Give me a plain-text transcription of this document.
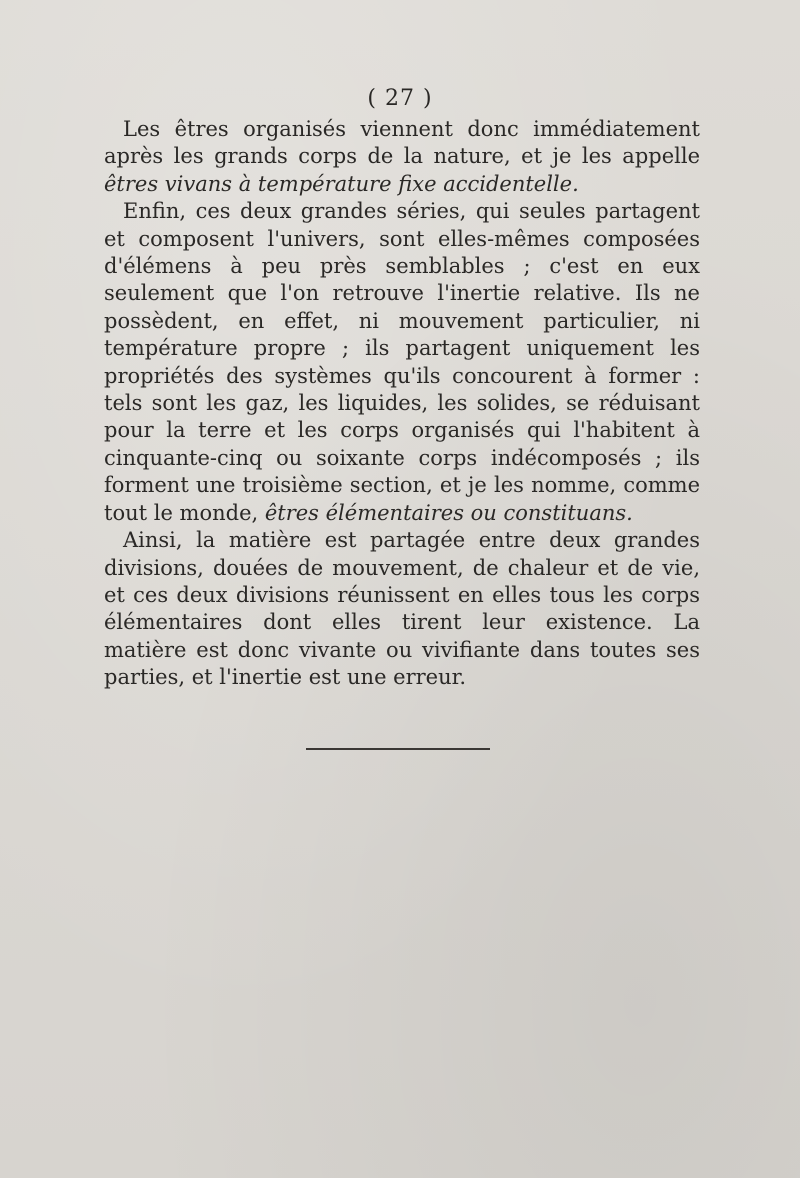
( 27 )

Les êtres organisés viennent donc immédiatement après les grands corps de la nature, et je les appelle êtres vivans à température fixe accidentelle.

Enfin, ces deux grandes séries, qui seules partagent et composent l'univers, sont elles-mêmes composées d'élémens à peu près semblables ; c'est en eux seulement que l'on retrouve l'inertie relative. Ils ne possèdent, en effet, ni mouvement particulier, ni température propre ; ils partagent uniquement les propriétés des systèmes qu'ils concourent à former : tels sont les gaz, les liquides, les solides, se réduisant pour la terre et les corps organisés qui l'habitent à cinquante-cinq ou soixante corps indécomposés ; ils forment une troisième section, et je les nomme, comme tout le monde, êtres élémentaires ou constituans.

Ainsi, la matière est partagée entre deux grandes divisions, douées de mouvement, de chaleur et de vie, et ces deux divisions réunissent en elles tous les corps élémentaires dont elles tirent leur existence. La matière est donc vivante ou vivifiante dans toutes ses parties, et l'inertie est une erreur.
